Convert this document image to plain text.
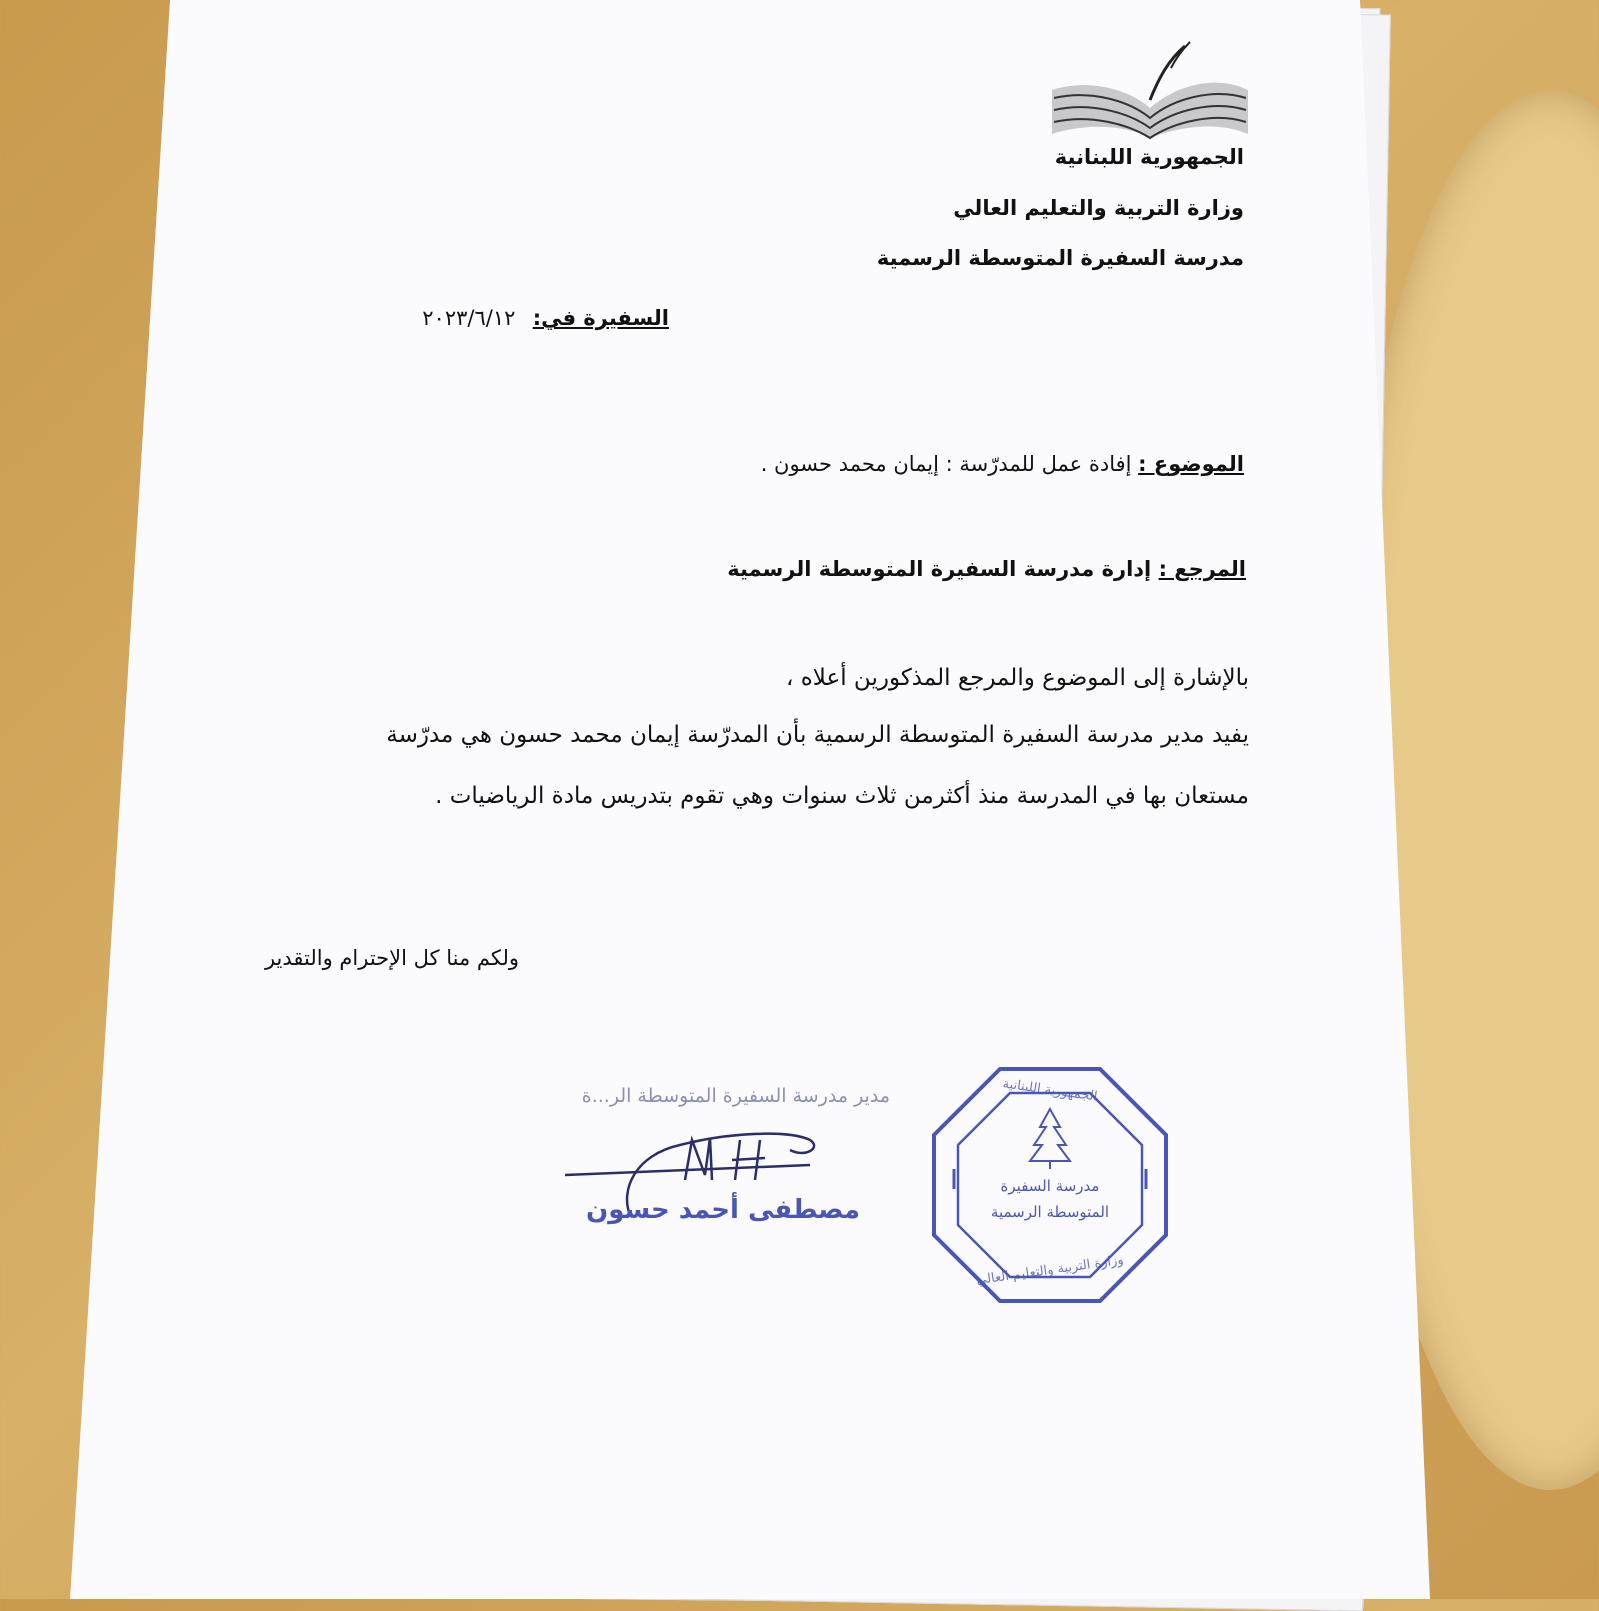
الجمهورية اللبنانية
وزارة التربية والتعليم العالي
مدرسة السفيرة المتوسطة الرسمية
السفيرة في: ٢٠٢٣/٦/١٢
الموضوع : إفادة عمل للمدرّسة : إيمان محمد حسون .
المرجع : إدارة مدرسة السفيرة المتوسطة الرسمية
بالإشارة إلى الموضوع والمرجع المذكورين أعلاه ،
يفيد مدير مدرسة السفيرة المتوسطة الرسمية بأن المدرّسة إيمان محمد حسون هي مدرّسة
مستعان بها في المدرسة منذ أكثرمن ثلاث سنوات وهي تقوم بتدريس مادة الرياضيات .
ولكم منا كل الإحترام والتقدير
مدير مدرسة السفيرة المتوسطة الر...ة
مصطفى أحمد حسون
الجمهورية اللبنانية
مدرسة السفيرة
المتوسطة الرسمية
وزارة التربية والتعليم العالي
